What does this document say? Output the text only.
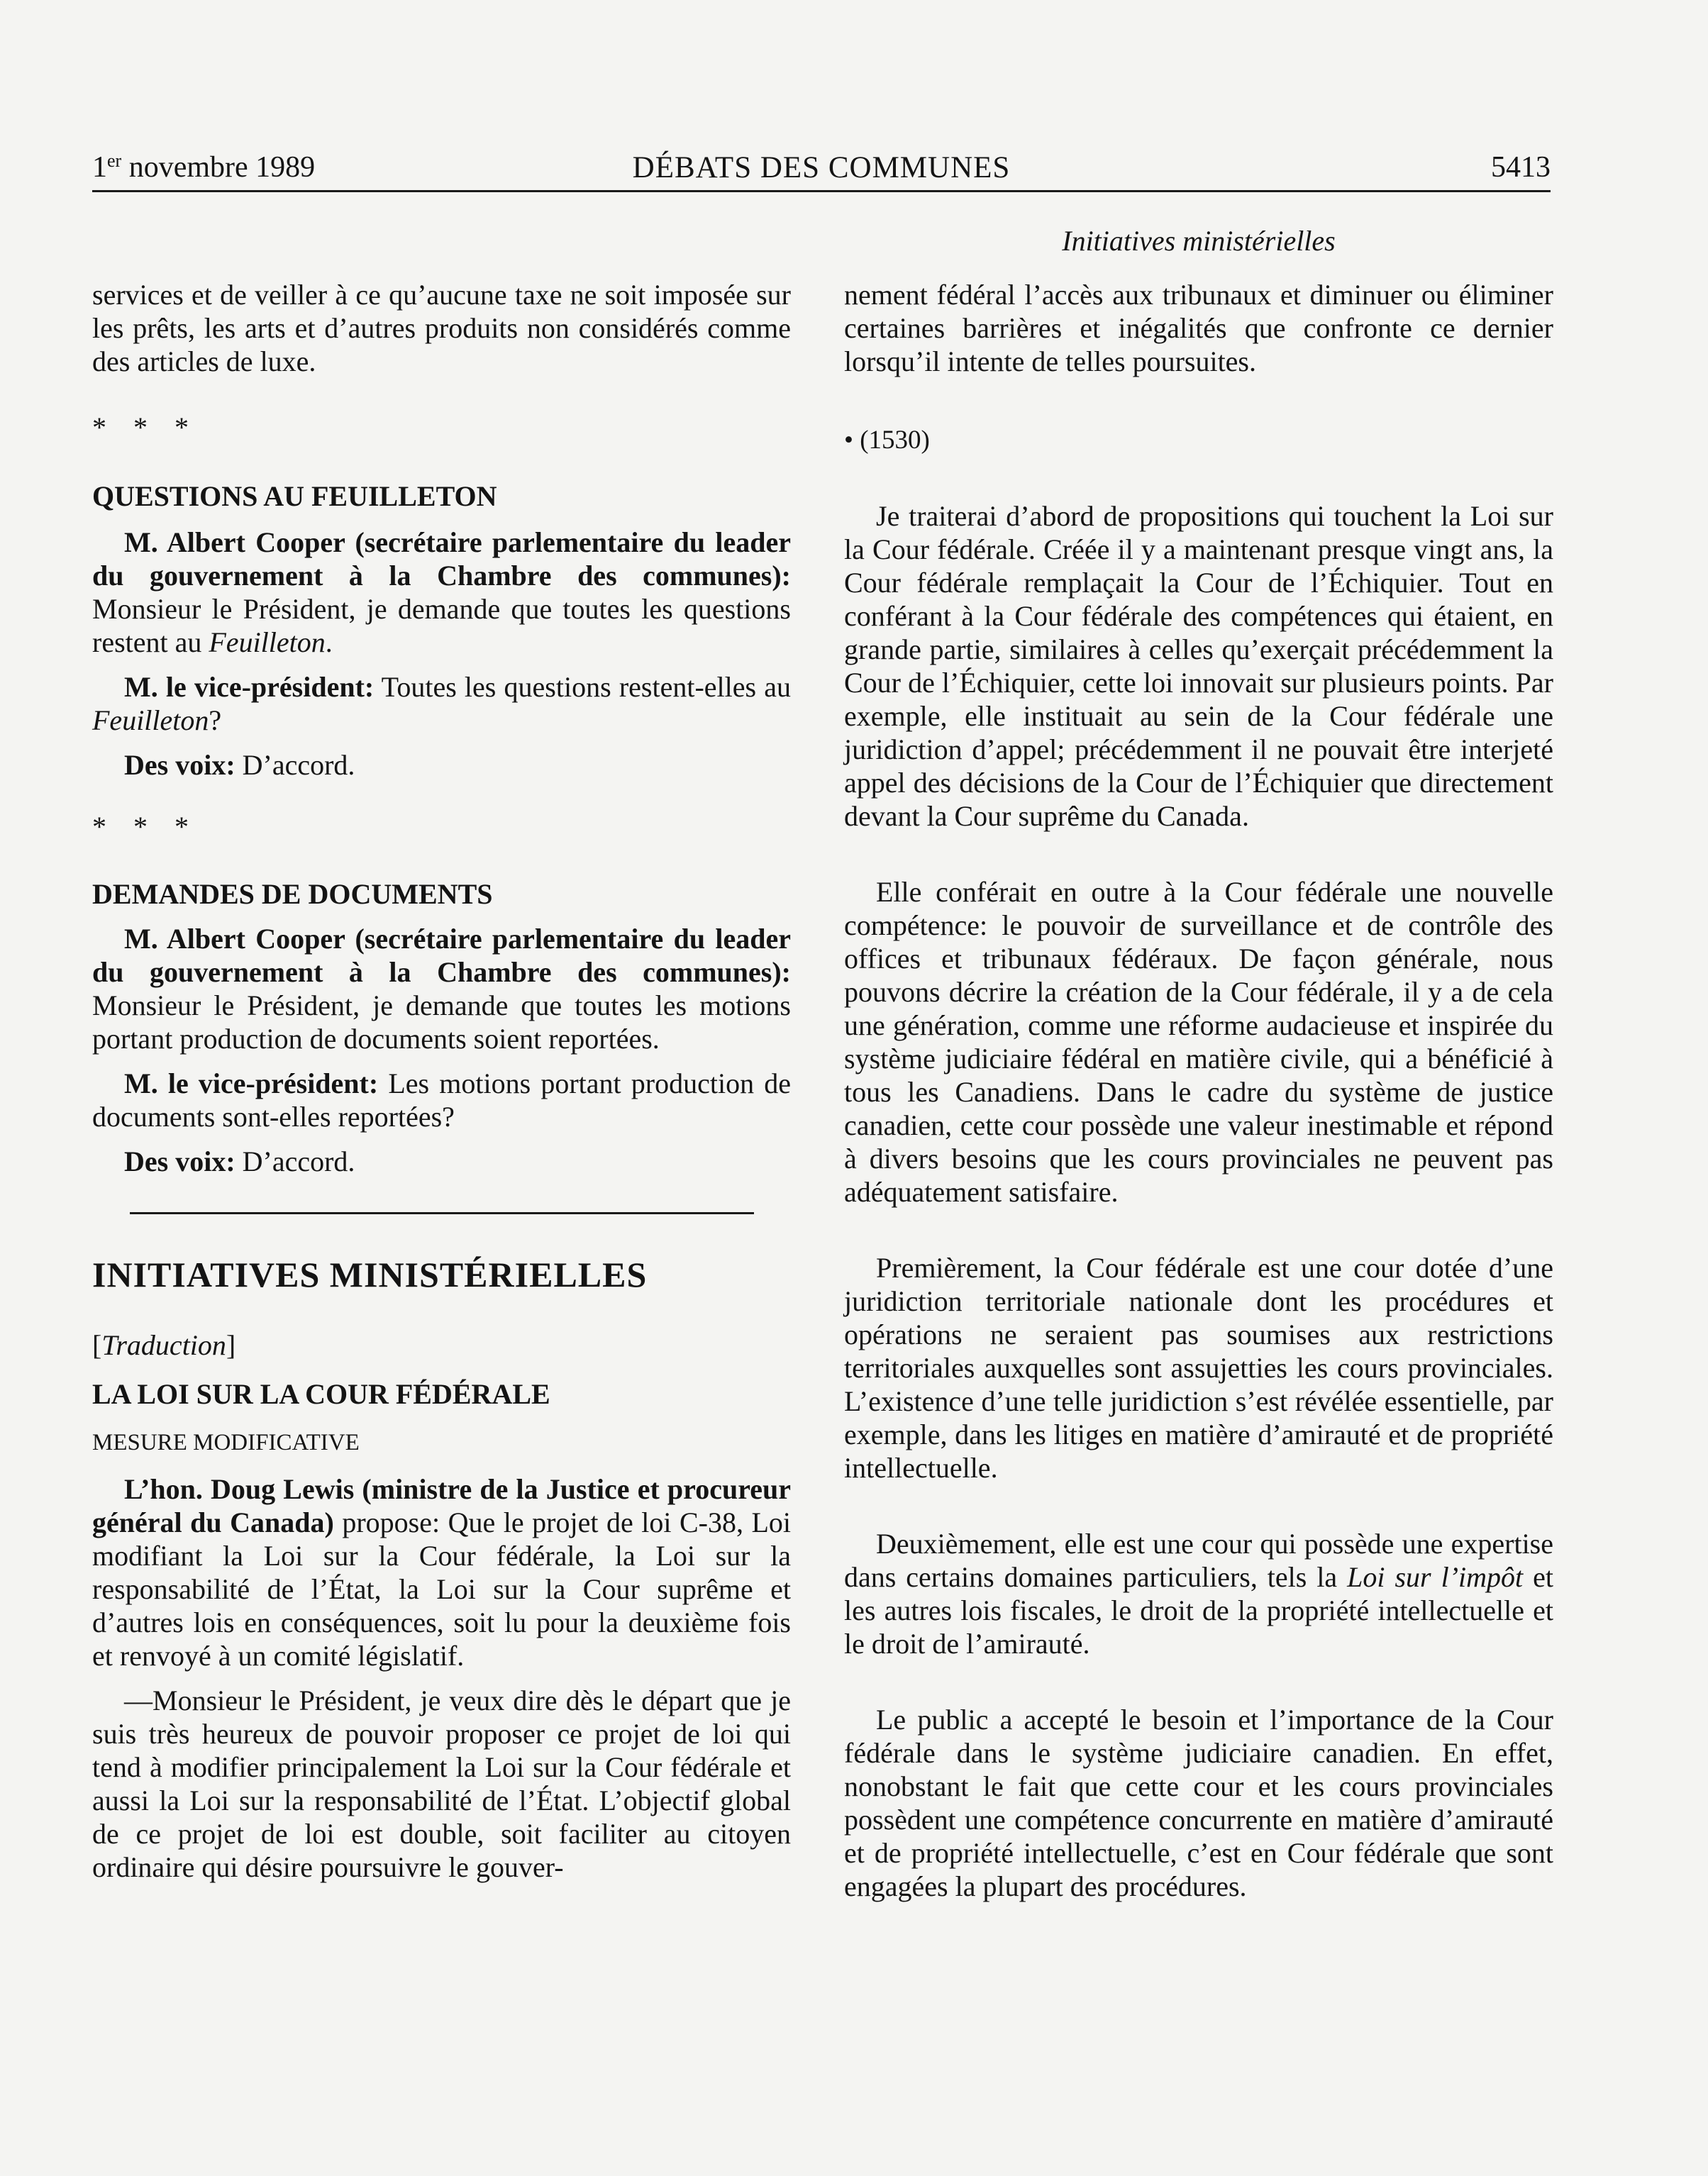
1er novembre 1989	DÉBATS DES COMMUNES	5413
Initiatives ministérielles

services et de veiller à ce qu’aucune taxe ne soit imposée sur les prêts, les arts et d’autres produits non considérés comme des articles de luxe.

* * *

QUESTIONS AU FEUILLETON

M. Albert Cooper (secrétaire parlementaire du leader du gouvernement à la Chambre des communes): Monsieur le Président, je demande que toutes les questions restent au Feuilleton.

M. le vice-président: Toutes les questions restent-elles au Feuilleton?

Des voix: D’accord.

* * *

DEMANDES DE DOCUMENTS

M. Albert Cooper (secrétaire parlementaire du leader du gouvernement à la Chambre des communes): Monsieur le Président, je demande que toutes les motions portant production de documents soient reportées.

M. le vice-président: Les motions portant production de documents sont-elles reportées?

Des voix: D’accord.

INITIATIVES MINISTÉRIELLES

[Traduction]

LA LOI SUR LA COUR FÉDÉRALE

MESURE MODIFICATIVE

L’hon. Doug Lewis (ministre de la Justice et procureur général du Canada) propose: Que le projet de loi C-38, Loi modifiant la Loi sur la Cour fédérale, la Loi sur la responsabilité de l’État, la Loi sur la Cour suprême et d’autres lois en conséquences, soit lu pour la deuxième fois et renvoyé à un comité législatif.

—Monsieur le Président, je veux dire dès le départ que je suis très heureux de pouvoir proposer ce projet de loi qui tend à modifier principalement la Loi sur la Cour fédérale et aussi la Loi sur la responsabilité de l’État. L’objectif global de ce projet de loi est double, soit faciliter au citoyen ordinaire qui désire poursuivre le gouver-

nement fédéral l’accès aux tribunaux et diminuer ou éliminer certaines barrières et inégalités que confronte ce dernier lorsqu’il intente de telles poursuites.

• (1530)

Je traiterai d’abord de propositions qui touchent la Loi sur la Cour fédérale. Créée il y a maintenant presque vingt ans, la Cour fédérale remplaçait la Cour de l’Échiquier. Tout en conférant à la Cour fédérale des compétences qui étaient, en grande partie, similaires à celles qu’exerçait précédemment la Cour de l’Échiquier, cette loi innovait sur plusieurs points. Par exemple, elle instituait au sein de la Cour fédérale une juridiction d’appel; précédemment il ne pouvait être interjeté appel des décisions de la Cour de l’Échiquier que directement devant la Cour suprême du Canada.

Elle conférait en outre à la Cour fédérale une nouvelle compétence: le pouvoir de surveillance et de contrôle des offices et tribunaux fédéraux. De façon générale, nous pouvons décrire la création de la Cour fédérale, il y a de cela une génération, comme une réforme audacieuse et inspirée du système judiciaire fédéral en matière civile, qui a bénéficié à tous les Canadiens. Dans le cadre du système de justice canadien, cette cour possède une valeur inestimable et répond à divers besoins que les cours provinciales ne peuvent pas adéquatement satisfaire.

Premièrement, la Cour fédérale est une cour dotée d’une juridiction territoriale nationale dont les procédures et opérations ne seraient pas soumises aux restrictions territoriales auxquelles sont assujetties les cours provinciales. L’existence d’une telle juridiction s’est révélée essentielle, par exemple, dans les litiges en matière d’amirauté et de propriété intellectuelle.

Deuxièmement, elle est une cour qui possède une expertise dans certains domaines particuliers, tels la Loi sur l’impôt et les autres lois fiscales, le droit de la propriété intellectuelle et le droit de l’amirauté.

Le public a accepté le besoin et l’importance de la Cour fédérale dans le système judiciaire canadien. En effet, nonobstant le fait que cette cour et les cours provinciales possèdent une compétence concurrente en matière d’amirauté et de propriété intellectuelle, c’est en Cour fédérale que sont engagées la plupart des procédures.
